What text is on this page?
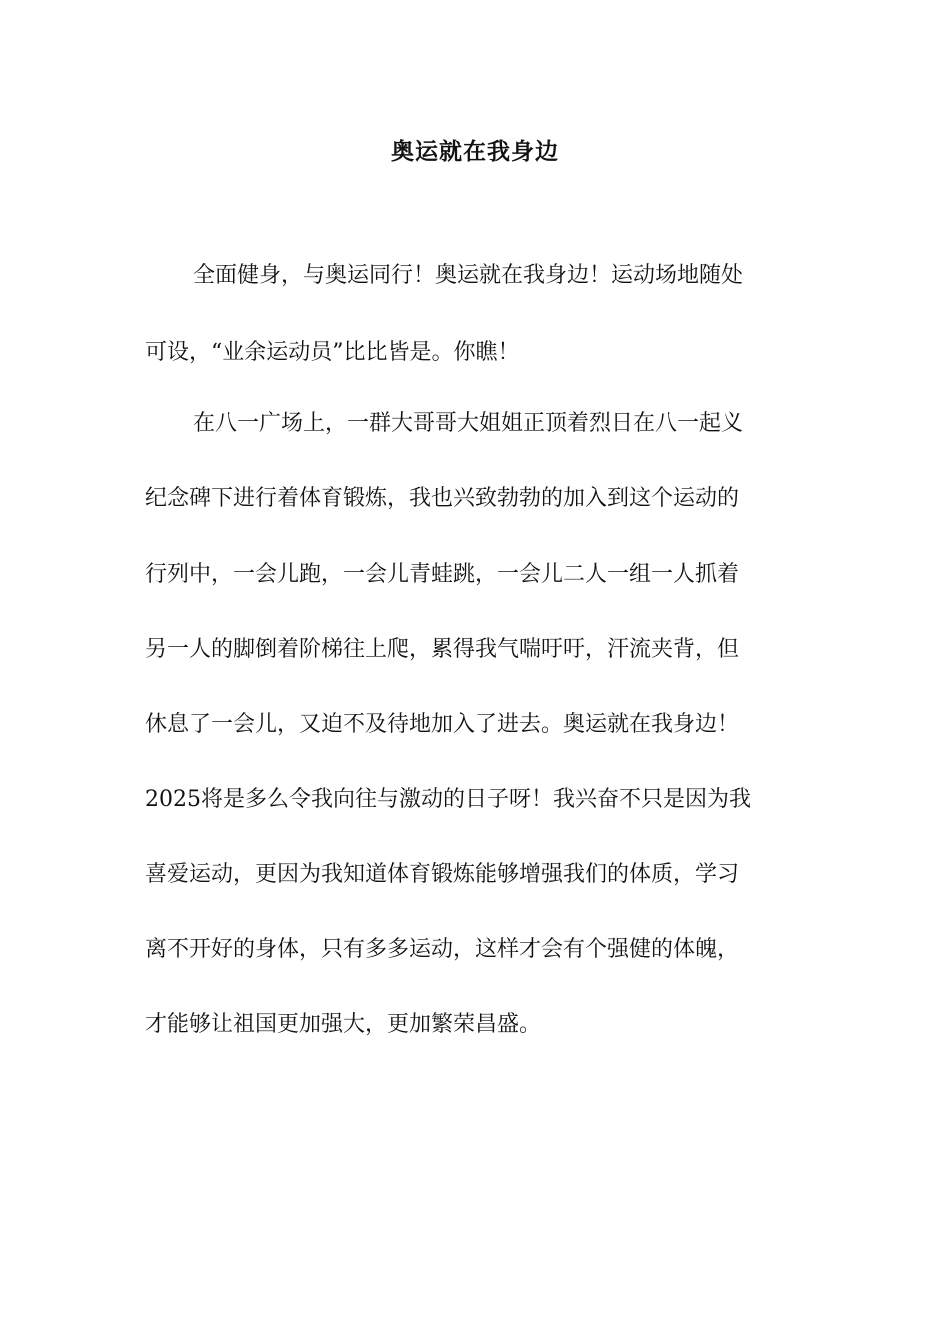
奥运就在我身边
全面健身，与奥运同行！奥运就在我身边！运动场地随处
可设，“业余运动员”比比皆是。你瞧！
在八一广场上，一群大哥哥大姐姐正顶着烈日在八一起义
纪念碑下进行着体育锻炼，我也兴致勃勃的加入到这个运动的
行列中，一会儿跑，一会儿青蛙跳，一会儿二人一组一人抓着
另一人的脚倒着阶梯往上爬，累得我气喘吁吁，汗流夹背，但
休息了一会儿，又迫不及待地加入了进去。奥运就在我身边！
2025将是多么令我向往与激动的日子呀！我兴奋不只是因为我
喜爱运动，更因为我知道体育锻炼能够增强我们的体质，学习
离不开好的身体，只有多多运动，这样才会有个强健的体魄，
才能够让祖国更加强大，更加繁荣昌盛。
